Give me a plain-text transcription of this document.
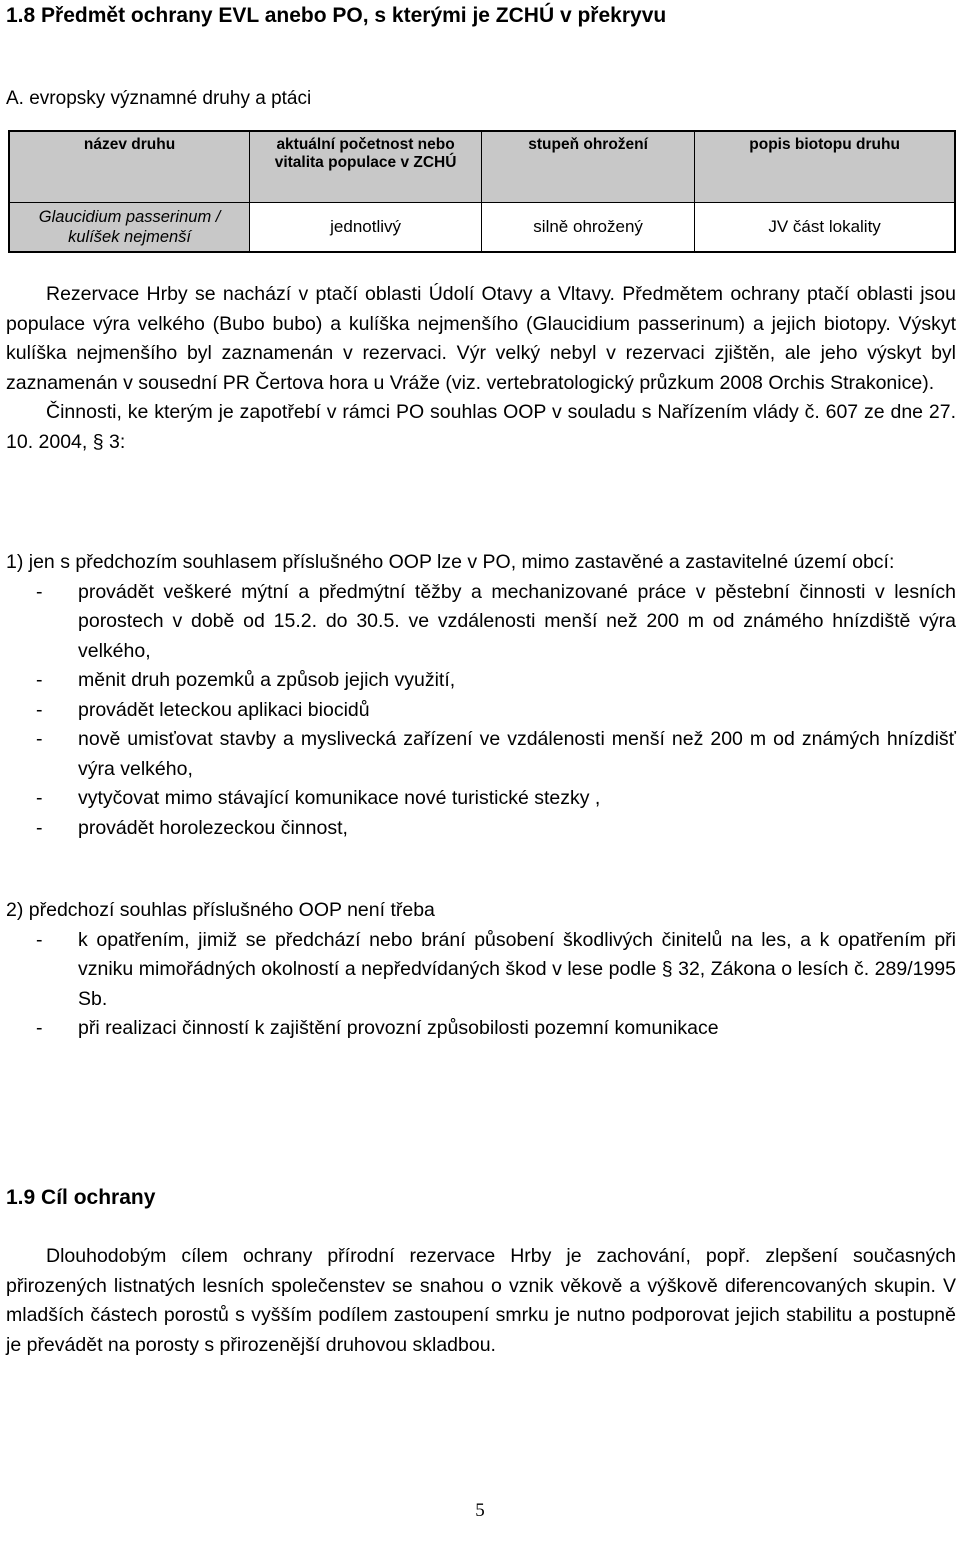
1.8 Předmět ochrany EVL anebo PO, s kterými je ZCHÚ v překryvu
A. evropsky významné druhy a ptáci
název druhu	aktuální početnost nebo vitalita populace v ZCHÚ	stupeň ohrožení	popis biotopu druhu
Glaucidium passerinum / kulíšek nejmenší	jednotlivý	silně ohrožený	JV část lokality
Rezervace Hrby se nachází v ptačí oblasti Údolí Otavy a Vltavy. Předmětem ochrany ptačí oblasti jsou populace výra velkého (Bubo bubo) a kulíška nejmenšího (Glaucidium passerinum) a jejich biotopy. Výskyt kulíška nejmenšího byl zaznamenán v rezervaci. Výr velký nebyl v rezervaci zjištěn, ale jeho výskyt byl zaznamenán v sousední PR Čertova hora u Vráže (viz. vertebratologický průzkum 2008 Orchis Strakonice).
Činnosti, ke kterým je zapotřebí v rámci PO souhlas OOP v souladu s Nařízením vlády č. 607 ze dne 27. 10. 2004, § 3:
1) jen s předchozím souhlasem příslušného OOP lze v PO, mimo zastavěné a zastavitelné území obcí:
-	provádět veškeré mýtní a předmýtní těžby a mechanizované práce v pěstební činnosti v lesních porostech v době od 15.2. do 30.5. ve vzdálenosti menší než 200 m od známého hnízdiště výra velkého,
-	měnit druh pozemků a způsob jejich využití,
-	provádět leteckou aplikaci biocidů
-	nově umisťovat stavby a myslivecká zařízení ve vzdálenosti menší než 200 m od známých hnízdišť výra velkého,
-	vytyčovat mimo stávající komunikace nové turistické stezky ,
-	provádět horolezeckou činnost,
2) předchozí souhlas příslušného OOP není třeba
-	k opatřením, jimiž se předchází nebo brání působení škodlivých činitelů na les, a k opatřením při vzniku mimořádných okolností a nepředvídaných škod v lese podle § 32, Zákona o lesích č. 289/1995 Sb.
-	při realizaci činností k zajištění provozní způsobilosti pozemní komunikace
1.9 Cíl ochrany
Dlouhodobým cílem ochrany přírodní rezervace Hrby je zachování, popř. zlepšení současných přirozených listnatých lesních společenstev se snahou o vznik věkově a výškově diferencovaných skupin. V mladších částech porostů s vyšším podílem zastoupení smrku je nutno podporovat jejich stabilitu a postupně je převádět na porosty s přirozenější druhovou skladbou.
5
